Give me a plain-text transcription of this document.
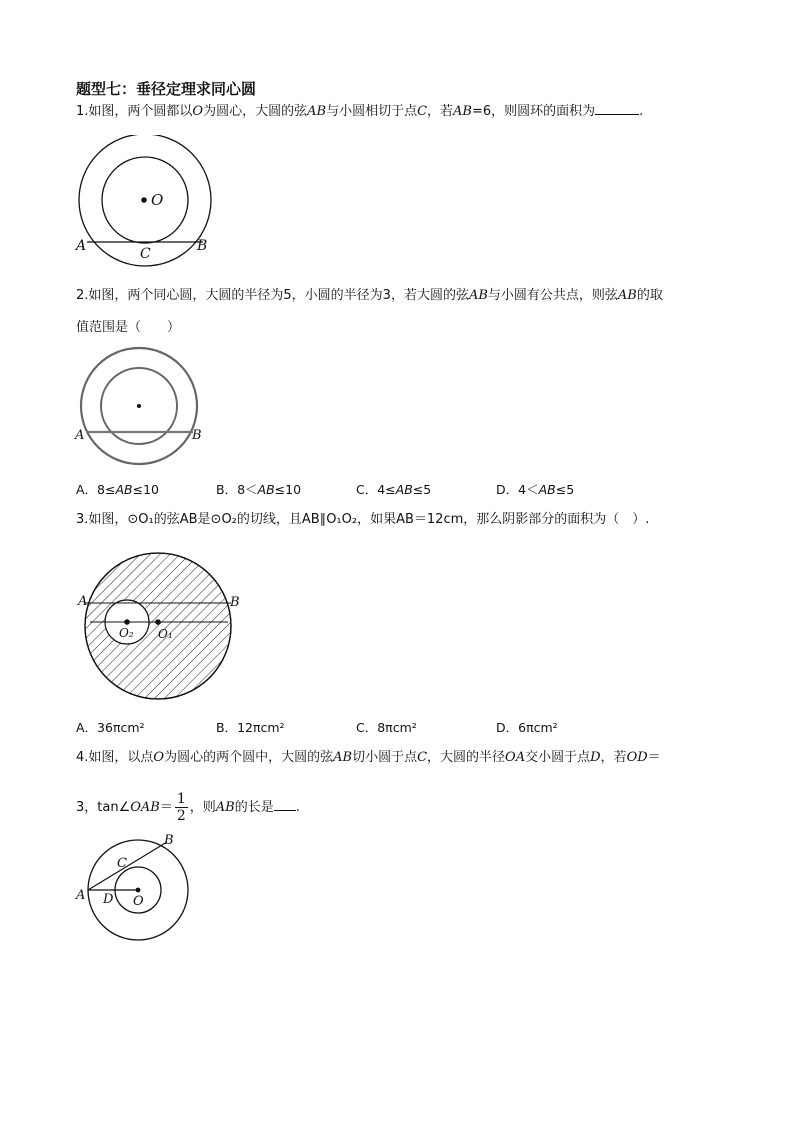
题型七：垂径定理求同心圆
1.如图，两个圆都以O为圆心，大圆的弦AB与小圆相切于点C，若AB=6，则圆环的面积为	.
O
A	B
C
2.如图，两个同心圆，大圆的半径为5，小圆的半径为3，若大圆的弦AB与小圆有公共点，则弦AB的取
值范围是（　　）
A	B
A．8≤AB≤10	B．8＜AB≤10	C．4≤AB≤5	D．4＜AB≤5
3.如图，⊙O₁的弦AB是⊙O₂的切线，且AB∥O₁O₂，如果AB＝12cm，那么阴影部分的面积为（　）.
A	B
O₂ O₁
A．36πcm²	B．12πcm²	C．8πcm²	D．6πcm²
4.如图，以点O为圆心的两个圆中，大圆的弦AB切小圆于点C，大圆的半径OA交小圆于点D，若OD＝
3，tan∠OAB＝ $\frac{1}{2}$ ，则AB的长是 .
B
C
A D O
